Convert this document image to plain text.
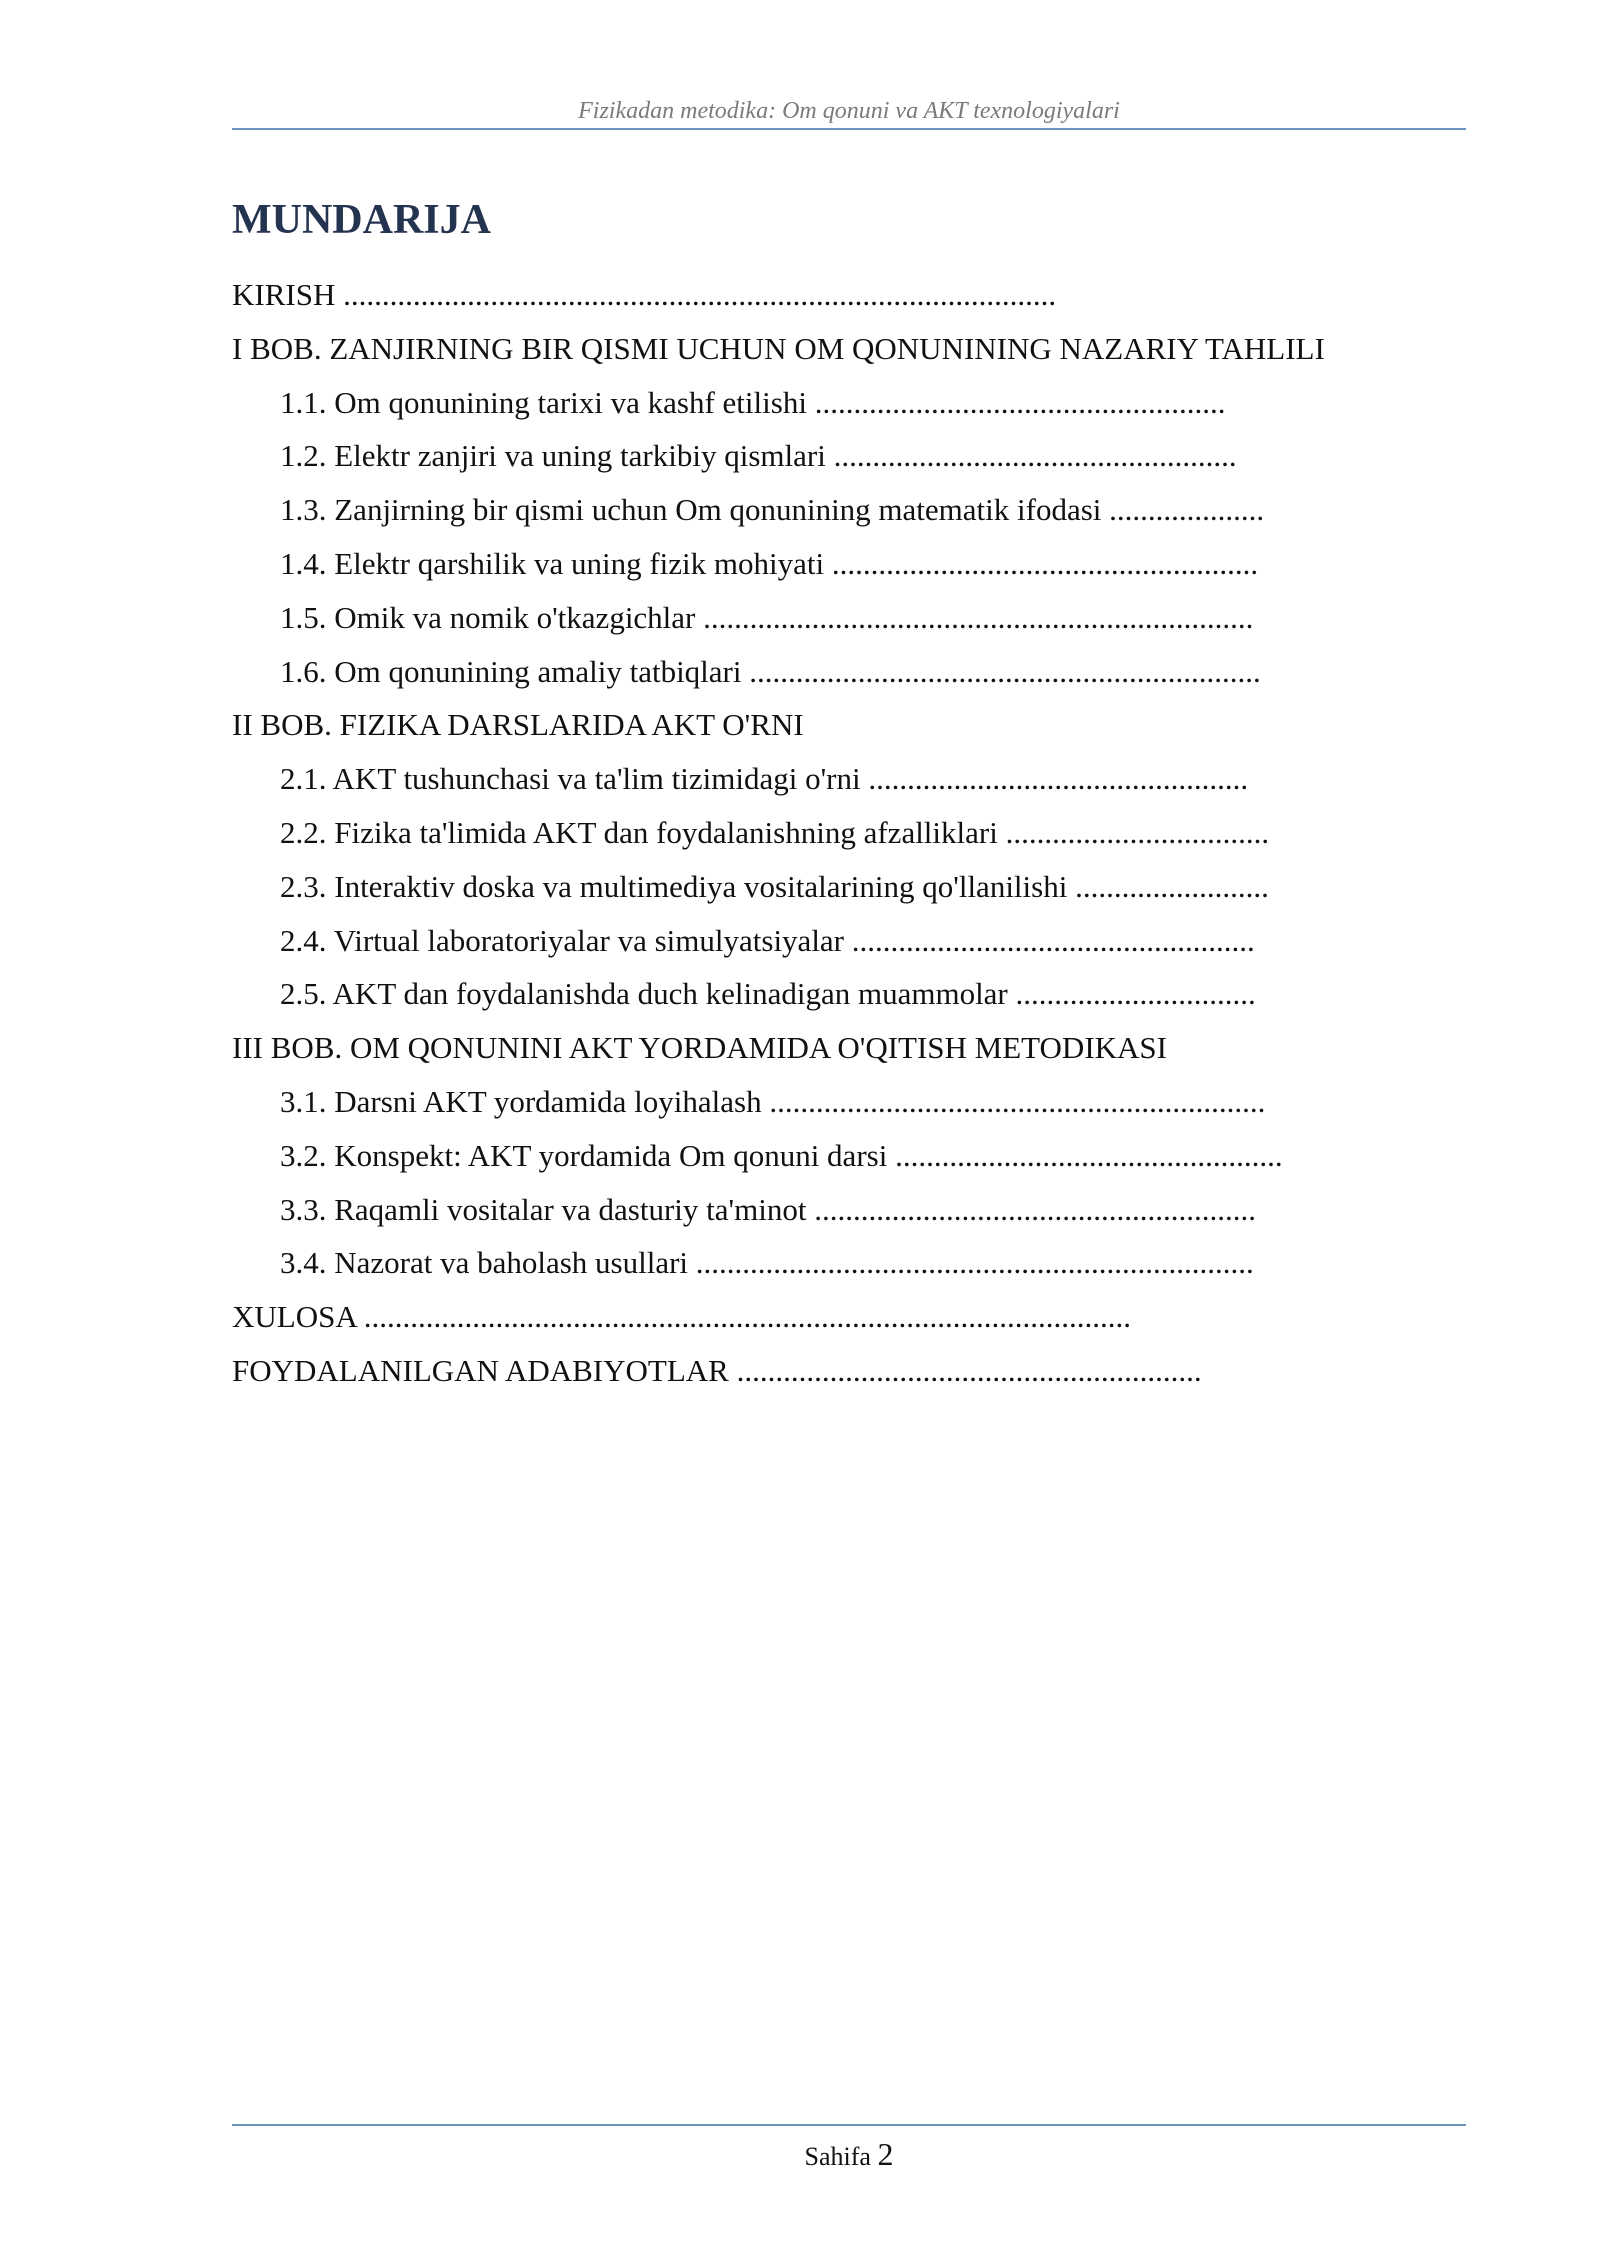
Fizikadan metodika: Om qonuni va AKT texnologiyalari
MUNDARIJA
KIRISH ............................................................................................
I BOB. ZANJIRNING BIR QISMI UCHUN OM QONUNINING NAZARIY TAHLILI
1.1. Om qonunining tarixi va kashf etilishi .....................................................
1.2. Elektr zanjiri va uning tarkibiy qismlari ....................................................
1.3. Zanjirning bir qismi uchun Om qonunining matematik ifodasi ....................
1.4. Elektr qarshilik va uning fizik mohiyati .......................................................
1.5. Omik va nomik o'tkazgichlar .......................................................................
1.6. Om qonunining amaliy tatbiqlari ..................................................................
II BOB. FIZIKA DARSLARIDA AKT O'RNI
2.1. AKT tushunchasi va ta'lim tizimidagi o'rni .................................................
2.2. Fizika ta'limida AKT dan foydalanishning afzalliklari ..................................
2.3. Interaktiv doska va multimediya vositalarining qo'llanilishi .........................
2.4. Virtual laboratoriyalar va simulyatsiyalar ....................................................
2.5. AKT dan foydalanishda duch kelinadigan muammolar ...............................
III BOB. OM QONUNINI AKT YORDAMIDA O'QITISH METODIKASI
3.1. Darsni AKT yordamida loyihalash ................................................................
3.2. Konspekt: AKT yordamida Om qonuni darsi ..................................................
3.3. Raqamli vositalar va dasturiy ta'minot .........................................................
3.4. Nazorat va baholash usullari ........................................................................
XULOSA ...................................................................................................
FOYDALANILGAN ADABIYOTLAR ............................................................
Sahifa 2
